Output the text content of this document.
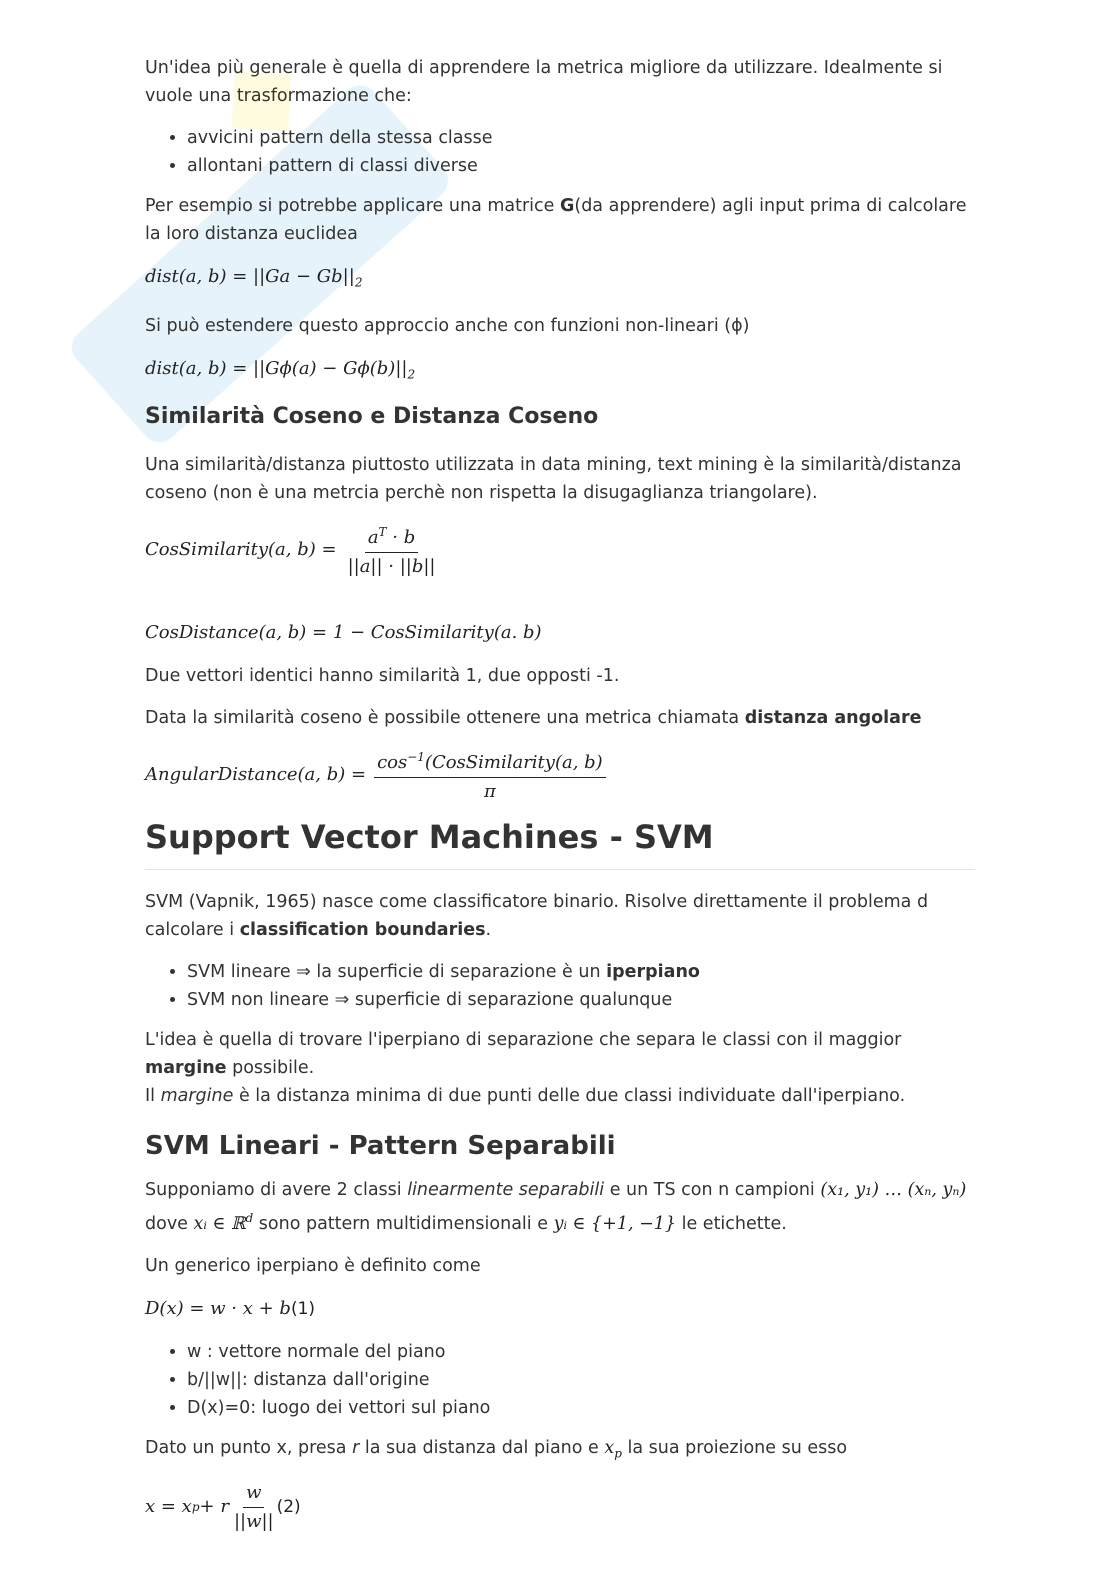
Un'idea più generale è quella di apprendere la metrica migliore da utilizzare. Idealmente si vuole una trasformazione che:

• avvicini pattern della stessa classe
• allontani pattern di classi diverse

Per esempio si potrebbe applicare una matrice G(da apprendere) agli input prima di calcolare la loro distanza euclidea

dist(a, $b) = ||Ga - Gb||_2$

Si può estendere questo approccio anche con funzioni non-lineari (ϕ)

dist(a, $b) = ||G\phi(a) - G\phi(b)||_2$
Similarità Coseno e Distanza Coseno

Una similarità/distanza piuttosto utilizzata in data mining, text mining è la similarità/distanza coseno (non è una metrcia perchè non rispetta la disugaglianza triangolare).

CosSimilarity(a, $b) = \frac{a^T \cdot b}{||a|| \cdot ||b||}$
CosDistance(a, b) = 1 − CosSimilarity(a. b)

Due vettori identici hanno similarità 1, due opposti -1.

Data la similarità coseno è possibile ottenere una metrica chiamata distanza angolare

AngularDistance(a, $b) = \frac{\cos^{-1}(CosSimilarity(a, b)}{\pi}$
Support Vector Machines - SVM

SVM (Vapnik, 1965) nasce come classificatore binario. Risolve direttamente il problema d calcolare i classification boundaries.

• SVM lineare ⇒ la superficie di separazione è un iperpiano
• SVM non lineare ⇒ superficie di separazione qualunque

L'idea è quella di trovare l'iperpiano di separazione che separa le classi con il maggior margine possibile.
Il margine è la distanza minima di due punti delle due classi individuate dall'iperpiano.

SVM Lineari - Pattern Separabili

Supponiamo di avere 2 classi linearmente separabili e un TS con n campioni (x₁, y₁) … (xₙ, yₙ) dove xᵢ ∈ ℝ$^d$ sono pattern multidimensionali e yᵢ ∈ {+1, −1} le etichette.

Un generico iperpiano è definito come

D(x) = w · x + b(1)
• w : vettore normale del piano
• b/||w||: distanza dall'origine
• D(x)=0: luogo dei vettori sul piano

Dato un punto x, presa r la sua distanza dal piano e $x_p$ la sua proiezione su esso

x = x p + r $\frac{w}{||w||} (2)$
